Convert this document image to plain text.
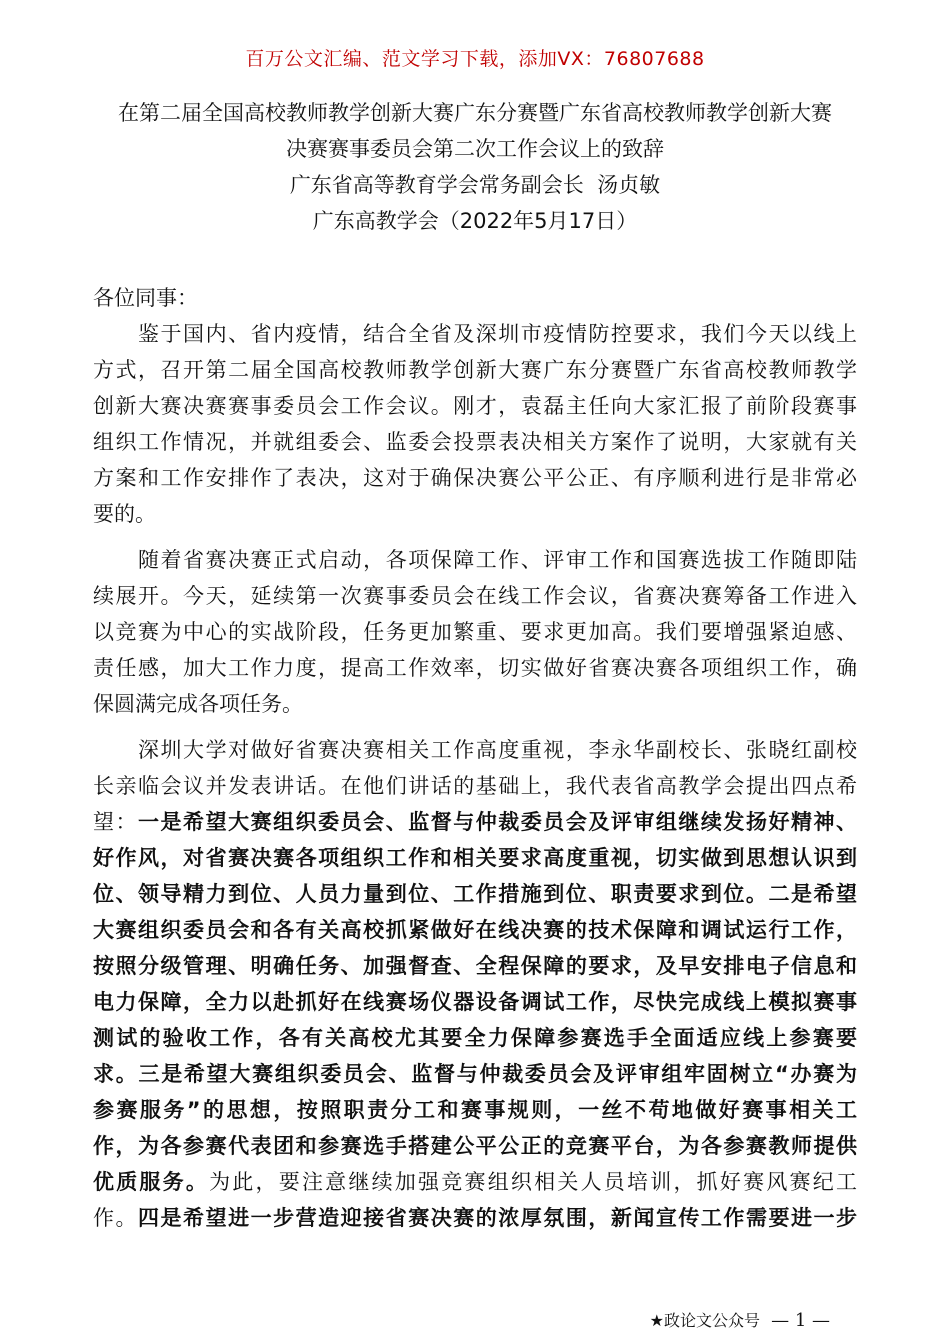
百万公文汇编、范文学习下载，添加VX：76807688
在第二届全国高校教师教学创新大赛广东分赛暨广东省高校教师教学创新大赛
决赛赛事委员会第二次工作会议上的致辞
广东省高等教育学会常务副会长  汤贞敏
广东高教学会（2022年5月17日）
各位同事：
　　鉴于国内、省内疫情，结合全省及深圳市疫情防控要求，我们今天以线上
方式，召开第二届全国高校教师教学创新大赛广东分赛暨广东省高校教师教学
创新大赛决赛赛事委员会工作会议。刚才，袁磊主任向大家汇报了前阶段赛事
组织工作情况，并就组委会、监委会投票表决相关方案作了说明，大家就有关
方案和工作安排作了表决，这对于确保决赛公平公正、有序顺利进行是非常必
要的。
　　随着省赛决赛正式启动，各项保障工作、评审工作和国赛选拔工作随即陆
续展开。今天，延续第一次赛事委员会在线工作会议，省赛决赛筹备工作进入
以竞赛为中心的实战阶段，任务更加繁重、要求更加高。我们要增强紧迫感、
责任感，加大工作力度，提高工作效率，切实做好省赛决赛各项组织工作，确
保圆满完成各项任务。
　　深圳大学对做好省赛决赛相关工作高度重视，李永华副校长、张晓红副校
长亲临会议并发表讲话。在他们讲话的基础上，我代表省高教学会提出四点希
望：一是希望大赛组织委员会、监督与仲裁委员会及评审组继续发扬好精神、
好作风，对省赛决赛各项组织工作和相关要求高度重视，切实做到思想认识到
位、领导精力到位、人员力量到位、工作措施到位、职责要求到位。二是希望
大赛组织委员会和各有关高校抓紧做好在线决赛的技术保障和调试运行工作，
按照分级管理、明确任务、加强督查、全程保障的要求，及早安排电子信息和
电力保障，全力以赴抓好在线赛场仪器设备调试工作，尽快完成线上模拟赛事
测试的验收工作，各有关高校尤其要全力保障参赛选手全面适应线上参赛要
求。三是希望大赛组织委员会、监督与仲裁委员会及评审组牢固树立“办赛为
参赛服务”的思想，按照职责分工和赛事规则，一丝不苟地做好赛事相关工
作，为各参赛代表团和参赛选手搭建公平公正的竞赛平台，为各参赛教师提供
优质服务。为此，要注意继续加强竞赛组织相关人员培训，抓好赛风赛纪工
作。四是希望进一步营造迎接省赛决赛的浓厚氛围，新闻宣传工作需要进一步
★政论文公众号 — 1 —
